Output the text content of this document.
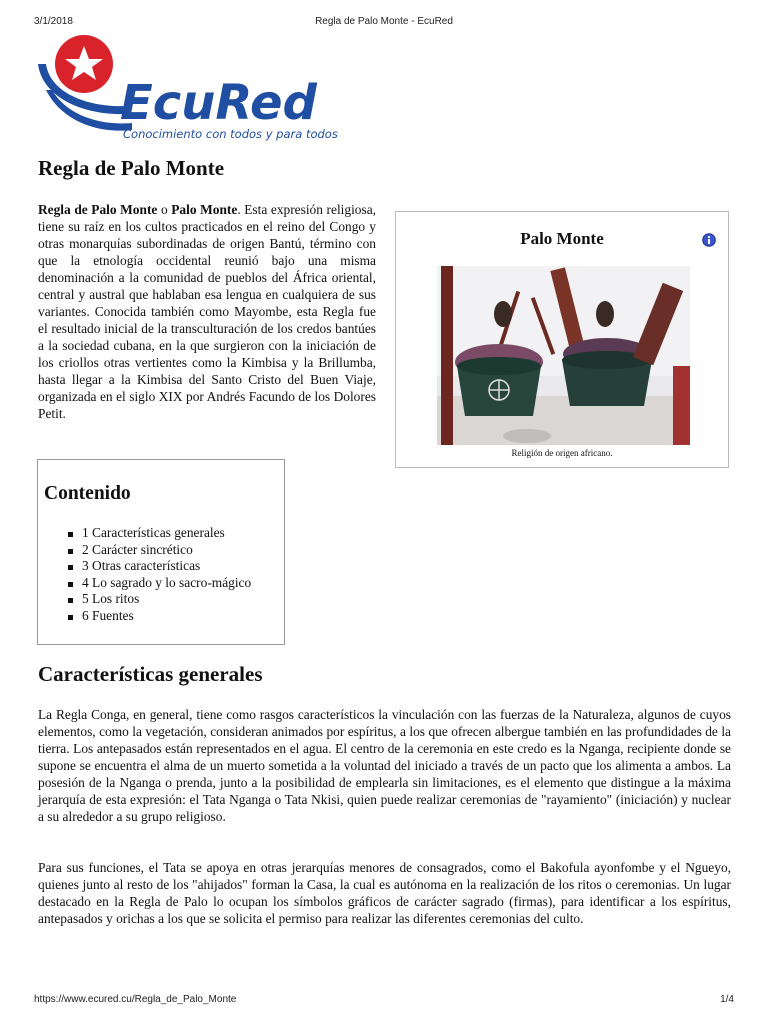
3/1/2018	Regla de Palo Monte - EcuRed
EcuRed
Conocimiento con todos y para todos
Regla de Palo Monte

Regla de Palo Monte o Palo Monte. Esta expresión religiosa, tiene su raíz en los cultos practicados en el reino del Congo y otras monarquías subordinadas de origen Bantú, término con que la etnología occidental reunió bajo una misma denominación a la comunidad de pueblos del África oriental, central y austral que hablaban esa lengua en cualquiera de sus variantes. Conocida también como Mayombe, esta Regla fue el resultado inicial de la transculturación de los credos bantúes a la sociedad cubana, en la que surgieron con la iniciación de los criollos otras vertientes como la Kimbisa y la Brillumba, hasta llegar a la Kimbisa del Santo Cristo del Buen Viaje, organizada en el siglo XIX por Andrés Facundo de los Dolores Petit.

Palo Monte
Religión de origen africano.
Contenido
1 Características generales
2 Carácter sincrético
3 Otras características
4 Lo sagrado y lo sacro-mágico
5 Los ritos
6 Fuentes
Características generales

La Regla Conga, en general, tiene como rasgos característicos la vinculación con las fuerzas de la Naturaleza, algunos de cuyos elementos, como la vegetación, consideran animados por espíritus, a los que ofrecen albergue también en las profundidades de la tierra. Los antepasados están representados en el agua. El centro de la ceremonia en este credo es la Nganga, recipiente donde se supone se encuentra el alma de un muerto sometida a la voluntad del iniciado a través de un pacto que los alimenta a ambos. La posesión de la Nganga o prenda, junto a la posibilidad de emplearla sin limitaciones, es el elemento que distingue a la máxima jerarquía de esta expresión: el Tata Nganga o Tata Nkisi, quien puede realizar ceremonias de "rayamiento" (iniciación) y nuclear a su alrededor a su grupo religioso.

Para sus funciones, el Tata se apoya en otras jerarquías menores de consagrados, como el Bakofula ayonfombe y el Ngueyo, quienes junto al resto de los "ahijados" forman la Casa, la cual es autónoma en la realización de los ritos o ceremonias. Un lugar destacado en la Regla de Palo lo ocupan los símbolos gráficos de carácter sagrado (firmas), para identificar a los espíritus, antepasados y orichas a los que se solicita el permiso para realizar las diferentes ceremonias del culto.

https://www.ecured.cu/Regla_de_Palo_Monte	1/4
